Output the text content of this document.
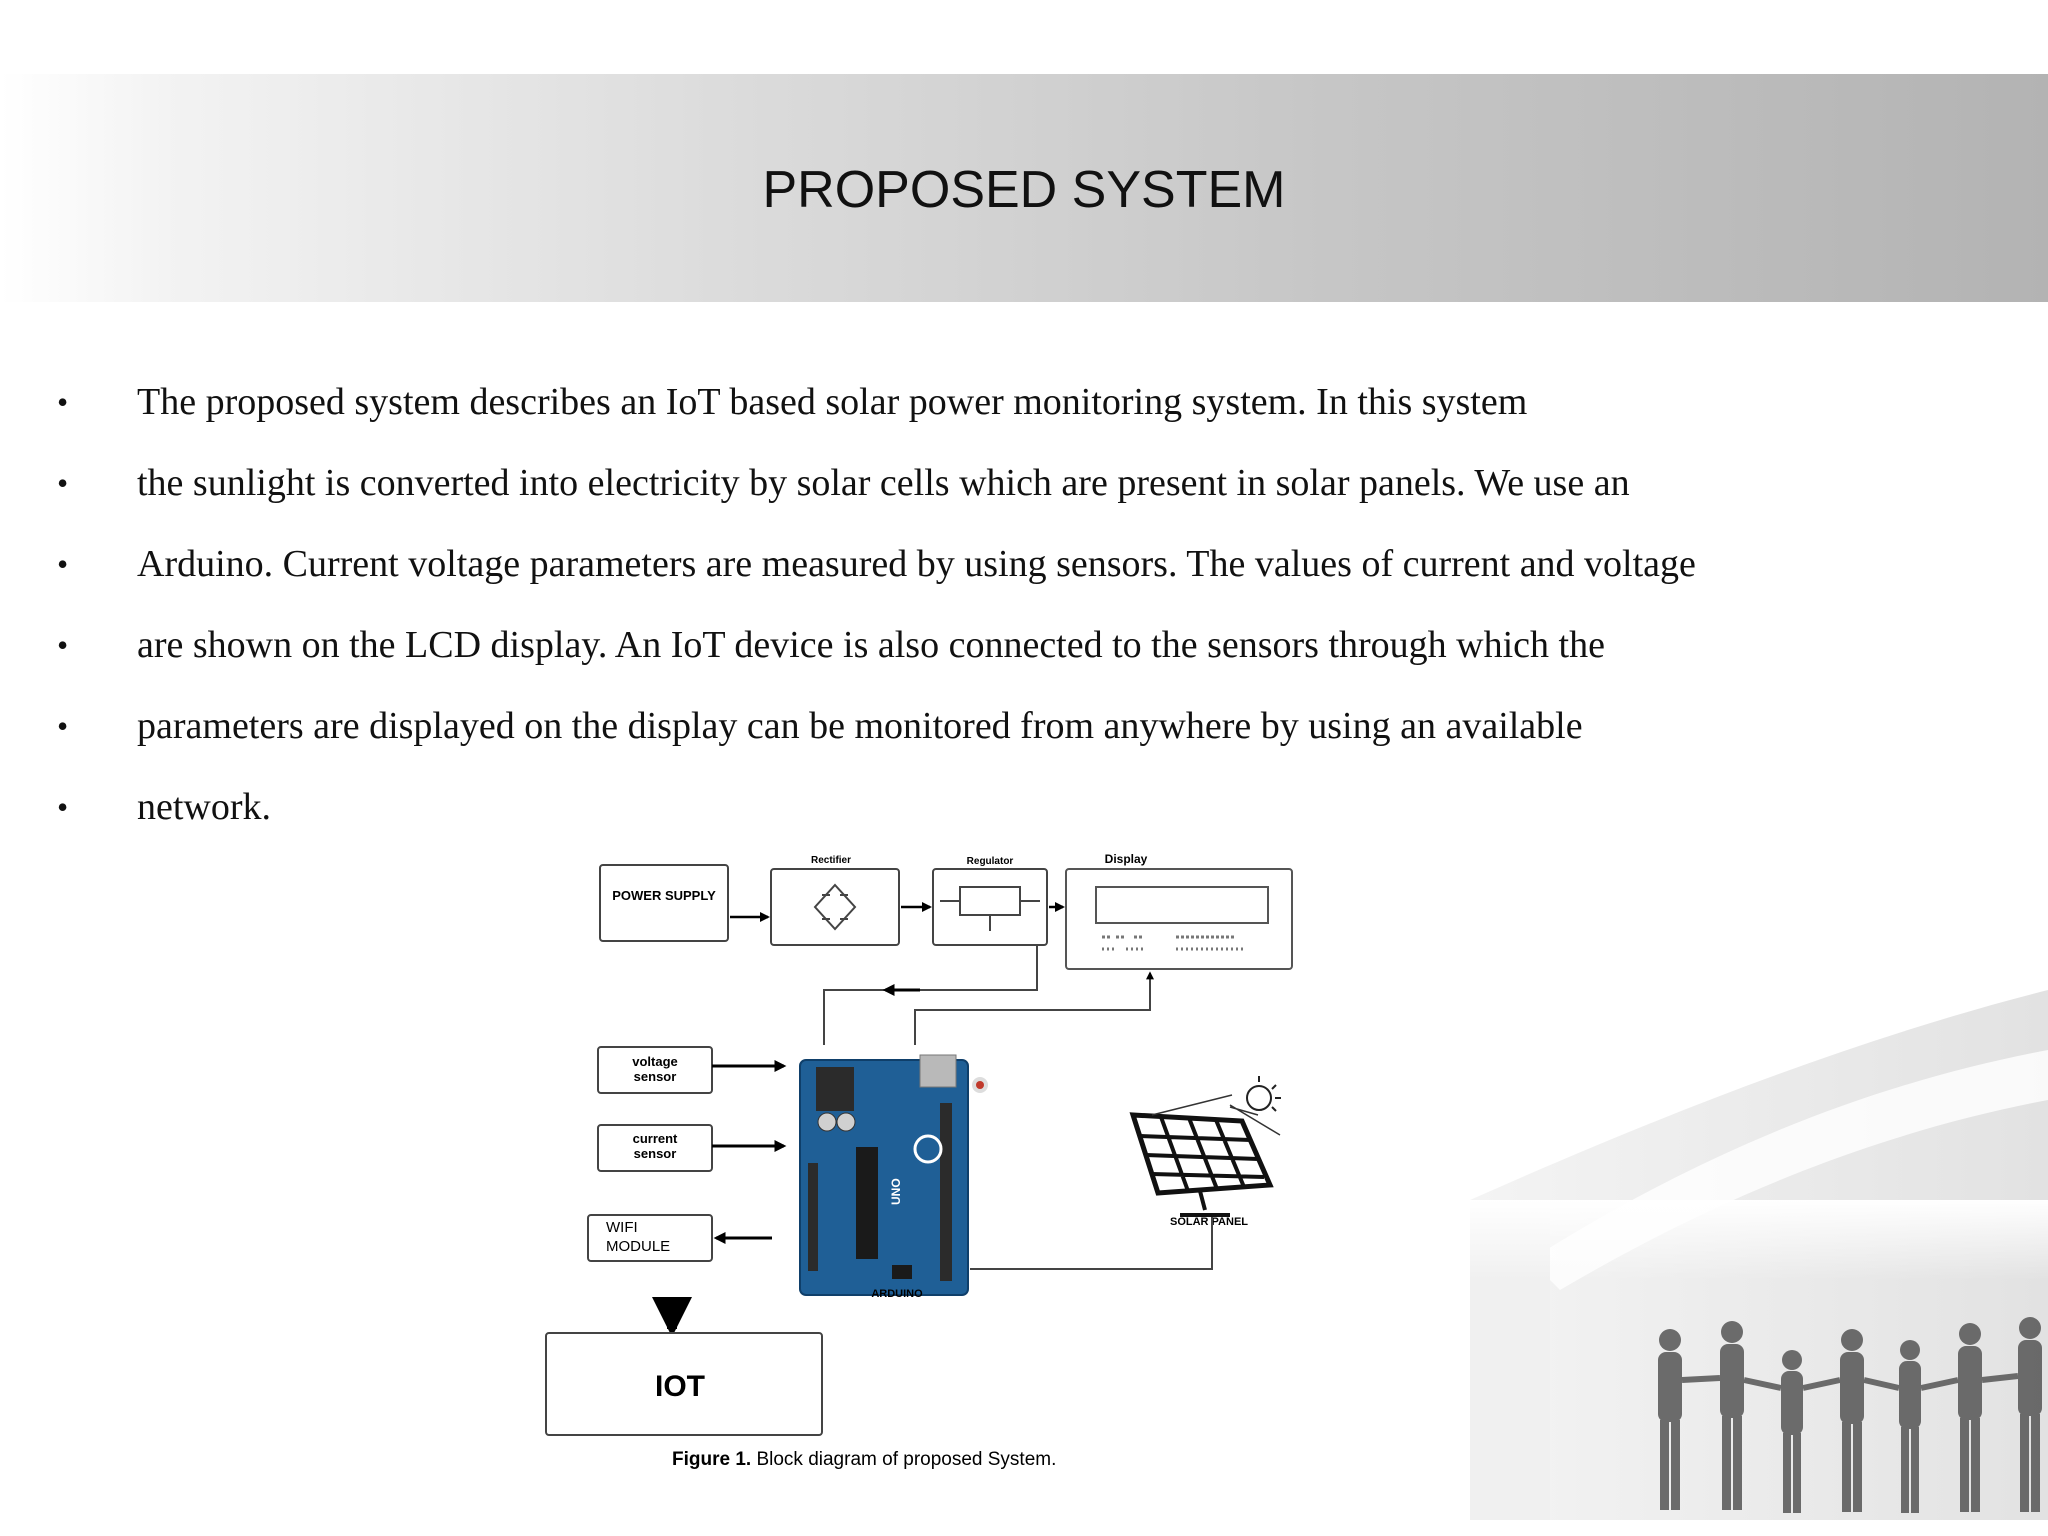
PROPOSED SYSTEM
• The proposed system describes an IoT based solar power monitoring system. In this system
• the sunlight is converted into electricity by solar cells which are present in solar panels. We use an
• Arduino. Current voltage parameters are measured by using sensors. The values of current and voltage
• are shown on the LCD display. An IoT device is also connected to the sensors through which the
• parameters are displayed on the display can be monitored from anywhere by using an available
• network.
POWER SUPPLY
Rectifier	Regulator	Display
voltage
sensor
current
sensor
WIFI
MODULE
UNO
ARDUINO
SOLAR PANEL
IOT
Figure 1. Block diagram of proposed System.
